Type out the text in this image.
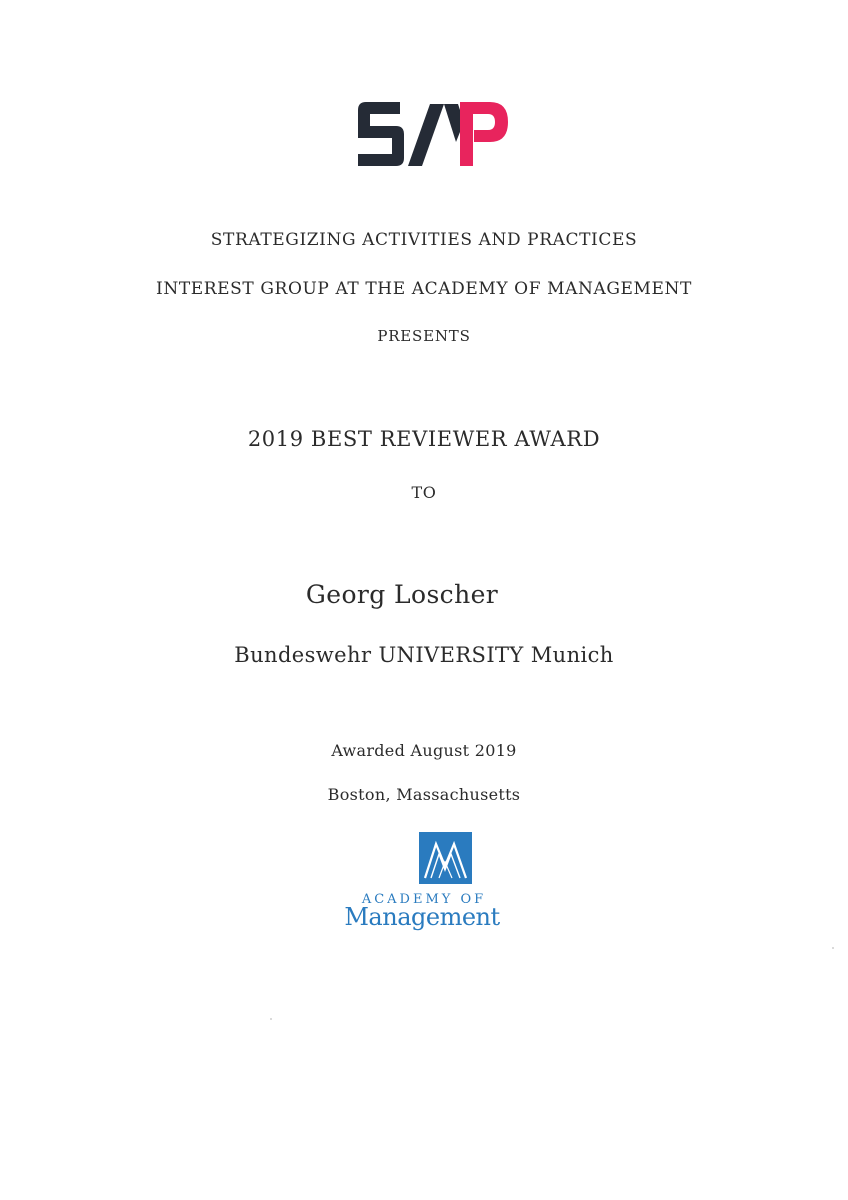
STRATEGIZING ACTIVITIES AND PRACTICES
INTEREST GROUP AT THE ACADEMY OF MANAGEMENT
PRESENTS
2019 BEST REVIEWER AWARD
TO
Georg Loscher
Bundeswehr UNIVERSITY Munich
Awarded August 2019
Boston, Massachusetts
ACADEMY OF
Management
